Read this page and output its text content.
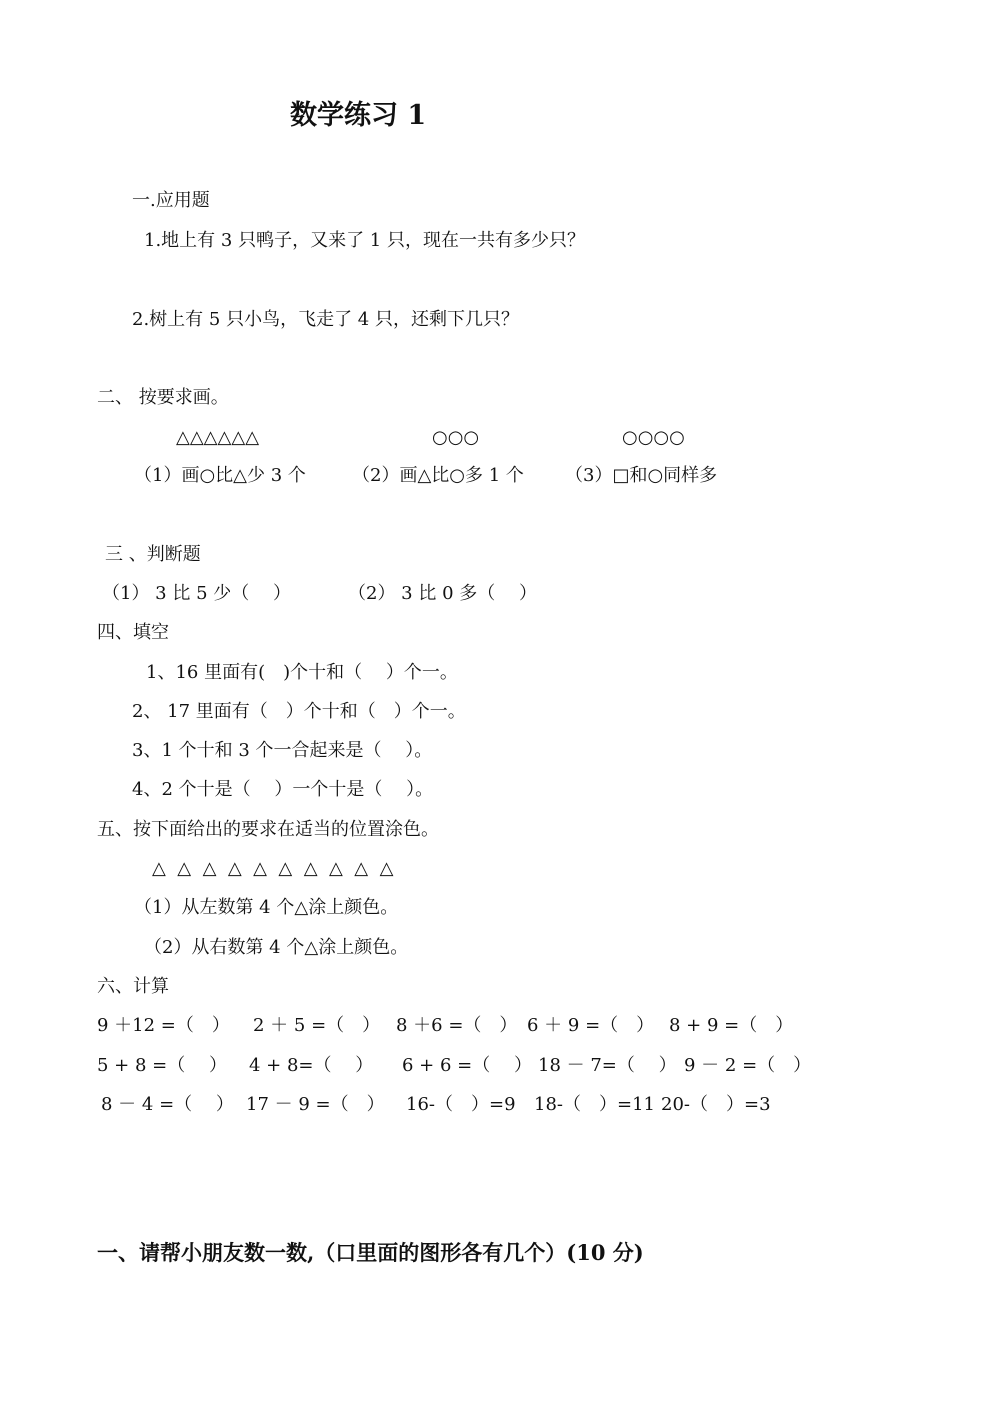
数学练习 1
一.应用题
1.地上有 3 只鸭子，又来了 1 只，现在一共有多少只？
2.树上有 5 只小鸟，飞走了 4 只，还剩下几只？
二、 按要求画。
△△△△△△	○○○	○○○○
（1）画○比△少 3 个	（2）画△比○多 1 个 （3）□和○同样多
三 、判断题
（1） 3 比 5 少（　 ）	（2） 3 比 0 多（　 ）
四、填空
1、16 里面有(　)个十和（　 ）个一。
2、 17 里面有（　）个十和（　）个一。
3、1 个十和 3 个一合起来是（　 ）。
4、2 个十是（　 ）一个十是（　 ）。
五、按下面给出的要求在适当的位置涂色。
△  △  △  △  △  △  △  △  △  △
（1）从左数第 4 个△涂上颜色。
（2）从右数第 4 个△涂上颜色。
六、计算
9 ＋12 =（　） 2 ＋ 5 =（　） 8 ＋6 =（　） 6 ＋ 9 =（　） 8 + 9 =（　）
5 + 8 =（　 ） 4 + 8=（　 ） 6 + 6 =（　 ） 18 － 7=（　 ） 9 － 2 =（　）
8 － 4 =（　 ） 17 － 9 =（　） 16-（　）=9 18-（　）=11 20-（　）=3
一、请帮小朋友数一数,（口里面的图形各有几个）(10 分)
